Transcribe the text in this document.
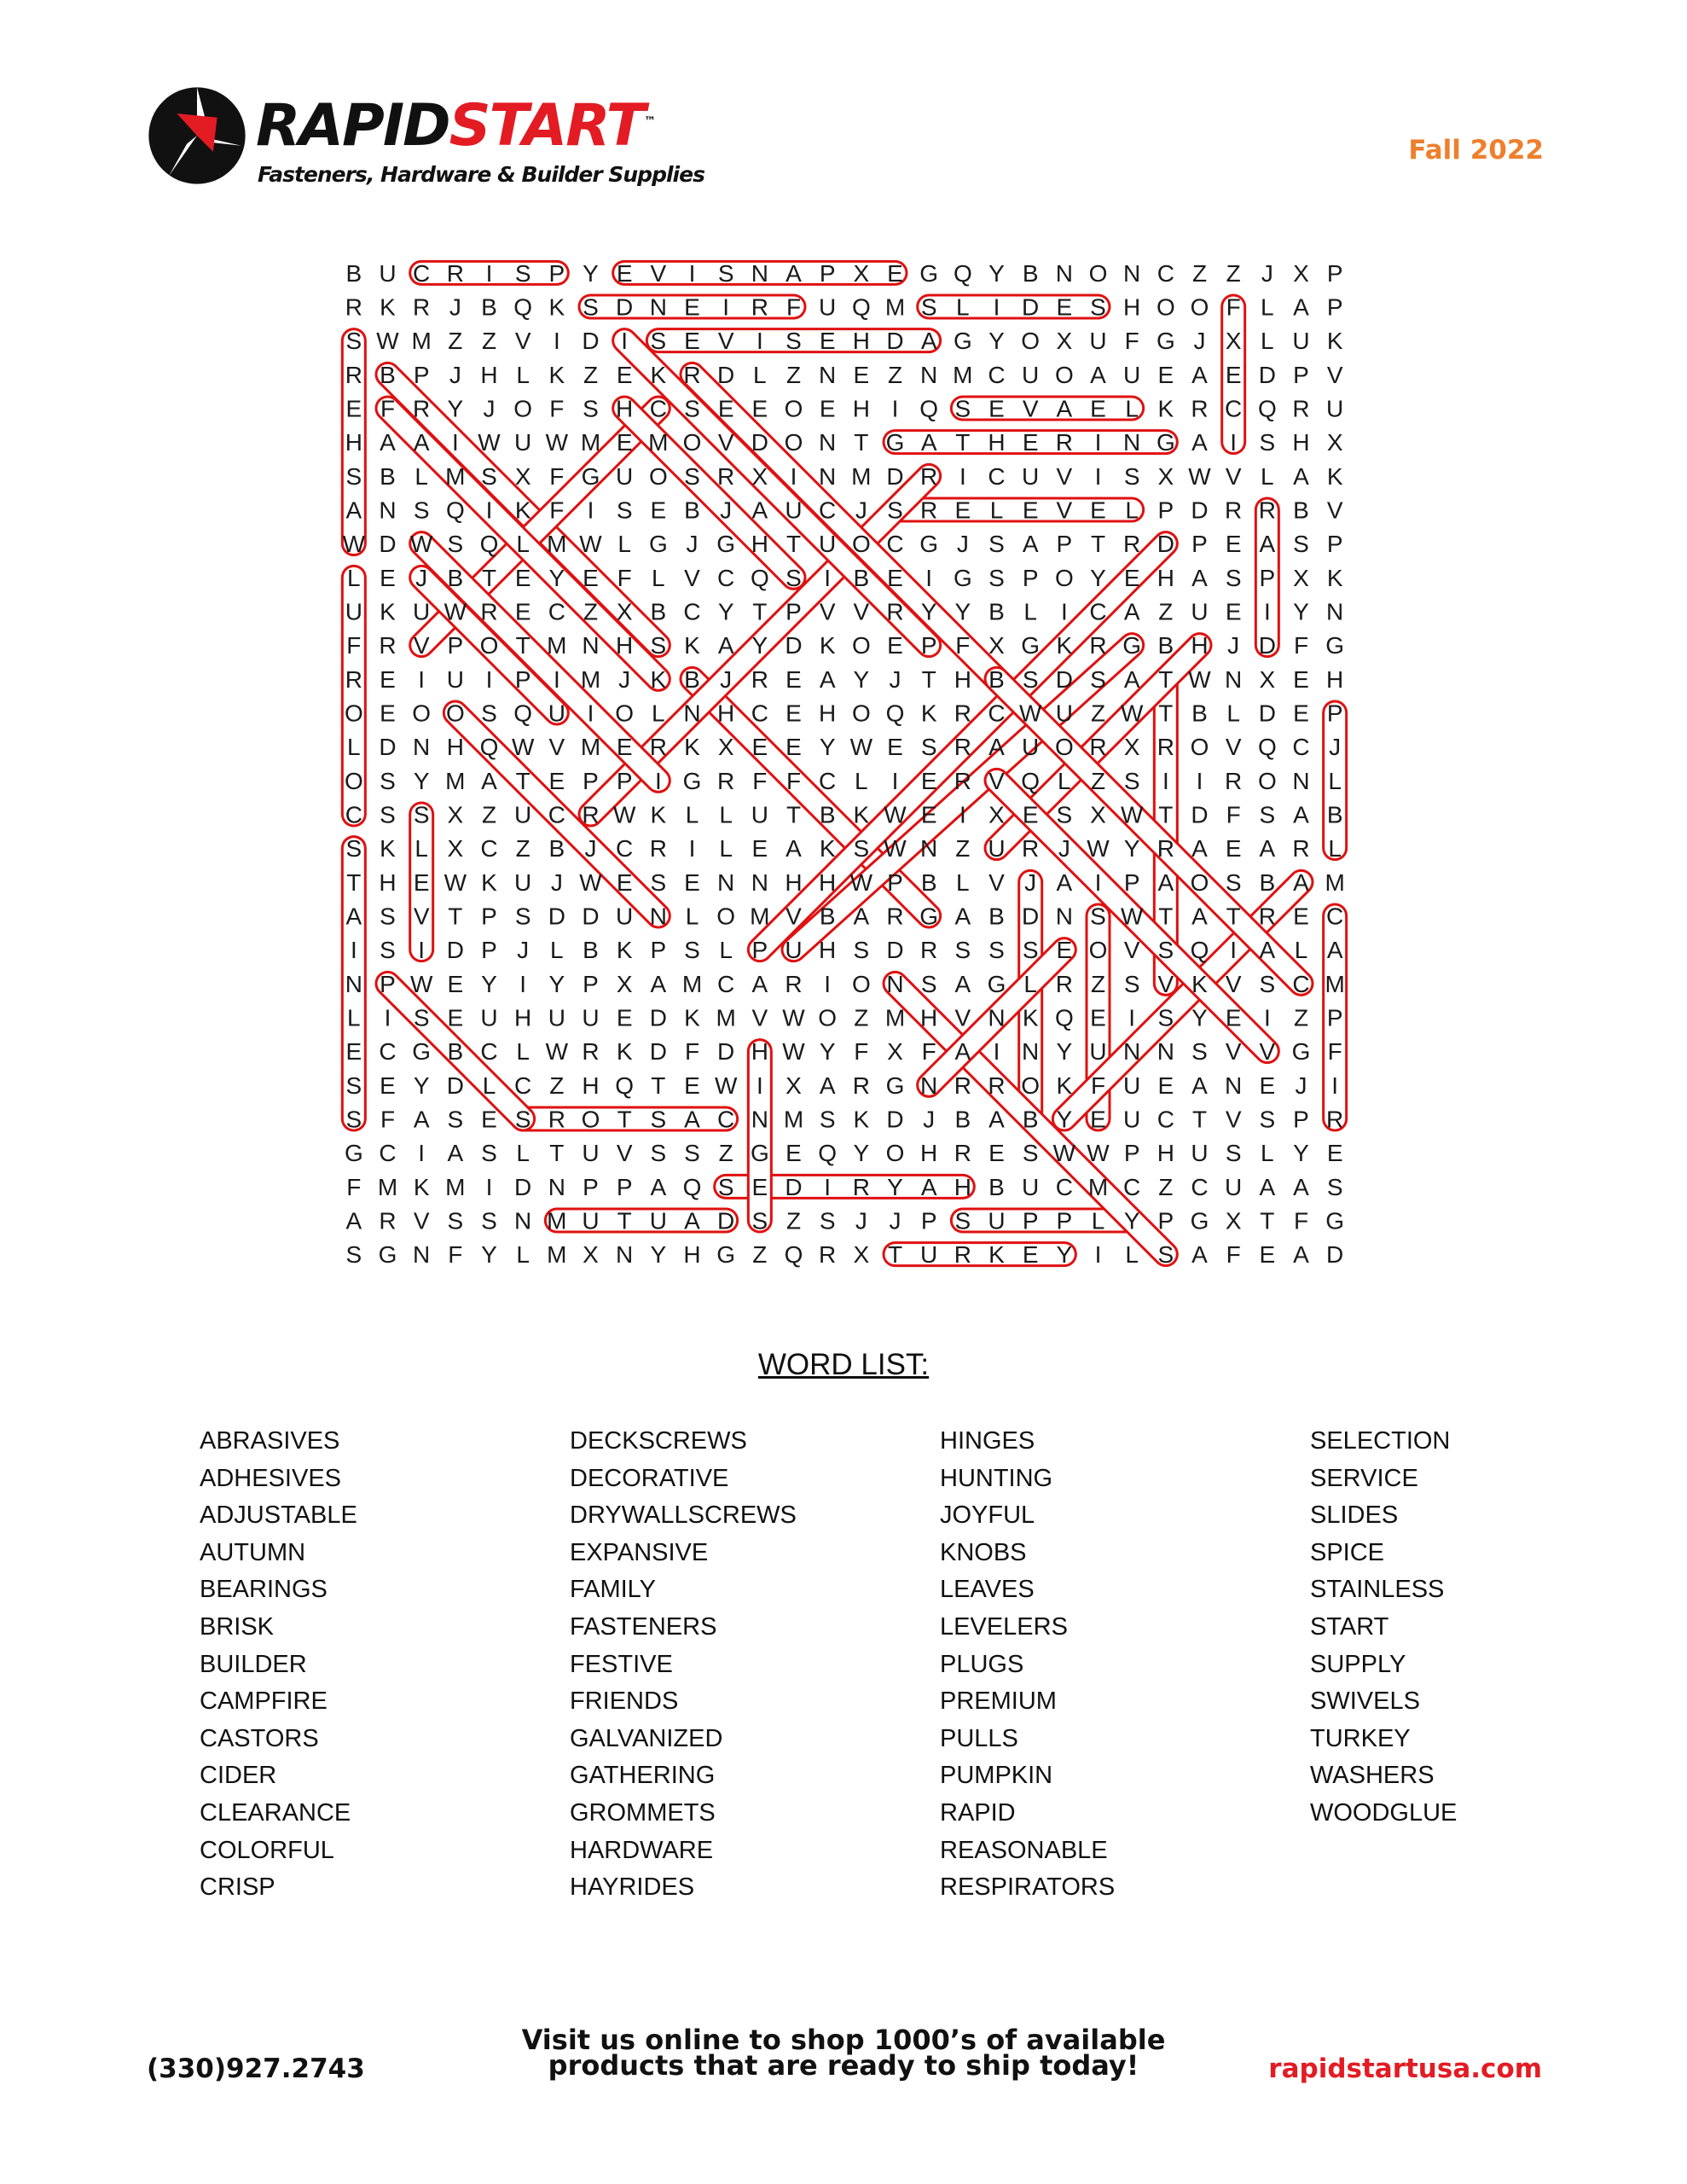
RAPIDSTART™
Fasteners, Hardware & Builder Supplies
Fall 2022
B U C R I S P Y E V I S N A P X E G Q Y B N O N C Z Z J X P
R K R J B Q K S D N E I R F U Q M S L I D E S H O O F L A P
S W M Z Z V I D I S E V I S E H D A G Y O X U F G J X L U K
R B P J H L K Z E K R D L Z N E Z N M C U O A U E A E D P V
E F R Y J O F S H C S E E O E H I Q S E V A E L K R C Q R U
H A A I W U W M E M O V D O N T G A T H E R I N G A I S H X
S B L M S X F G U O S R X I N M D R I C U V I S X W V L A K
A N S Q I K F I S E B J A U C J S R E L E V E L P D R R B V
W D W S Q L M W L G J G H T U O C G J S A P T R D P E A S P
L E J B T E Y E F L V C Q S I B E I G S P O Y E H A S P X K
U K U W R E C Z X B C Y T P V V R Y Y B L I C A Z U E I Y N
F R V P O T M N H S K A Y D K O E P F X G K R G B H J D F G
R E I U I P I M J K B J R E A Y J T H B S D S A T W N X E H
O E O O S Q U I O L N H C E H O Q K R C W U Z W T B L D E P
L D N H Q W V M E R K X E E Y W E S R A U O R X R O V Q C J
O S Y M A T E P P I G R F F C L I E R V Q L Z S I I R O N L
C S S X Z U C R W K L L U T B K W E I X E S X W T D F S A B
S K L X C Z B J C R I L E A K S W N Z U R J W Y R A E A R L
T H E W K U J W E S E N N H H W P B L V J A I P A O S B A M
A S V T P S D D U N L O M V B A R G A B D N S W T A T R E C
I S I D P J L B K P S L P U H S D R S S S E O V S Q I A L A
N P W E Y I Y P X A M C A R I O N S A G L R Z S V K V S C M
L I S E U H U U E D K M V W O Z M H V N K Q E I S Y E I Z P
E C G B C L W R K D F D H W Y F X F A I N Y U N N S V V G F
S E Y D L C Z H Q T E W I X A R G N R R O K F U E A N E J I
S F A S E S R O T S A C N M S K D J B A B Y E U C T V S P R
G C I A S L T U V S S Z G E Q Y O H R E S W W P H U S L Y E
F M K M I D N P P A Q S E D I R Y A H B U C M C Z C U A A S
A R V S S N M U T U A D S Z S J J P S U P P L Y P G X T F G
S G N F Y L M X N Y H G Z Q R X T U R K E Y I L S A F E A D
WORD LIST:
ABRASIVES
ADHESIVES
ADJUSTABLE
AUTUMN
BEARINGS
BRISK
BUILDER
CAMPFIRE
CASTORS
CIDER
CLEARANCE
COLORFUL
CRISP
DECKSCREWS
DECORATIVE
DRYWALLSCREWS
EXPANSIVE
FAMILY
FASTENERS
FESTIVE
FRIENDS
GALVANIZED
GATHERING
GROMMETS
HARDWARE
HAYRIDES
HINGES
HUNTING
JOYFUL
KNOBS
LEAVES
LEVELERS
PLUGS
PREMIUM
PULLS
PUMPKIN
RAPID
REASONABLE
RESPIRATORS
SELECTION
SERVICE
SLIDES
SPICE
STAINLESS
START
SUPPLY
SWIVELS
TURKEY
WASHERS
WOODGLUE
(330)927.2743
Visit us online to shop 1000’s of available
products that are ready to ship today!	rapidstartusa.com
